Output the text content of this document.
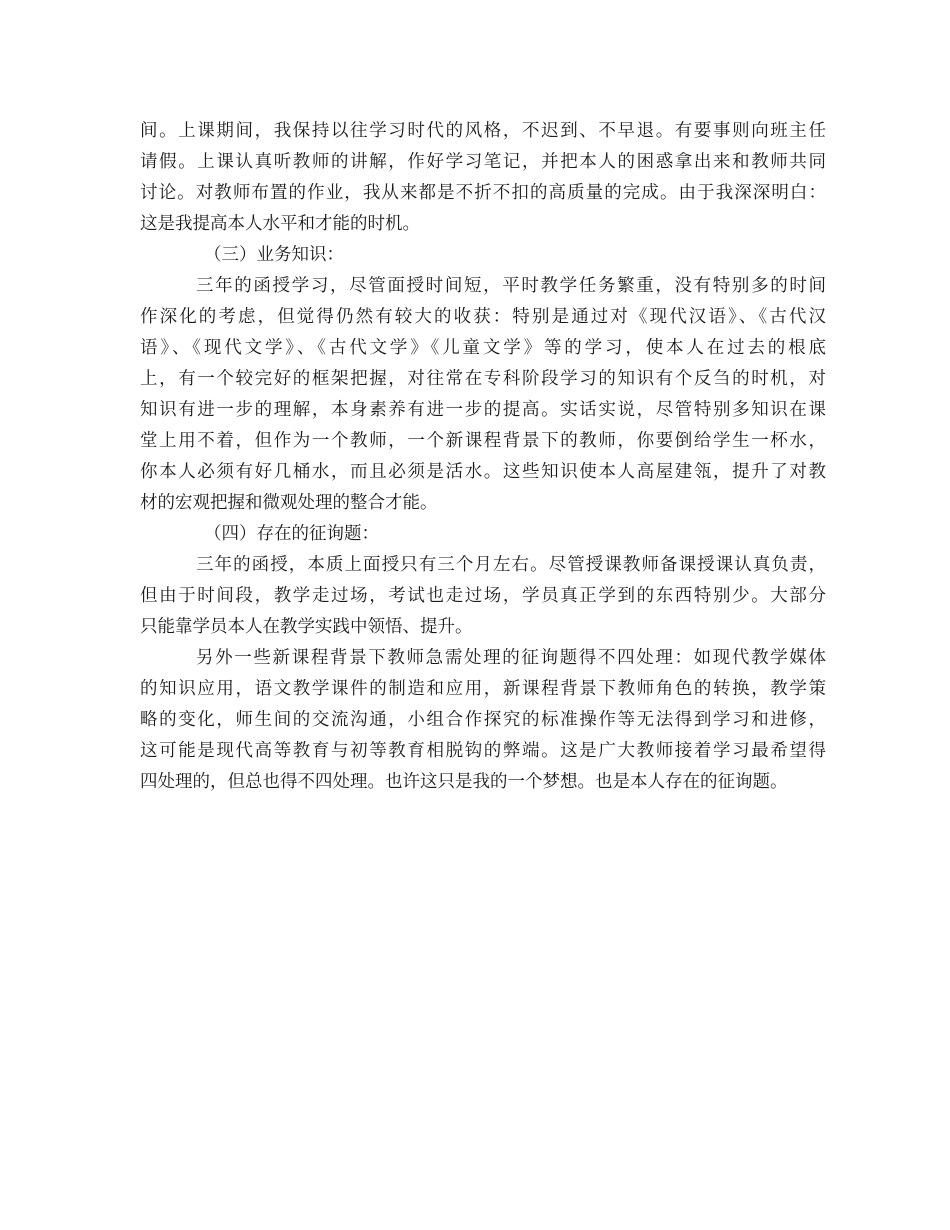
间。上课期间，我保持以往学习时代的风格，不迟到、不早退。有要事则向班主任
请假。上课认真听教师的讲解，作好学习笔记，并把本人的困惑拿出来和教师共同
讨论。对教师布置的作业，我从来都是不折不扣的高质量的完成。由于我深深明白：
这是我提高本人水平和才能的时机。
（三）业务知识：
三年的函授学习，尽管面授时间短，平时教学任务繁重，没有特别多的时间
作深化的考虑，但觉得仍然有较大的收获：特别是通过对《现代汉语》、《古代汉
语》、《现代文学》、《古代文学》《儿童文学》等的学习，使本人在过去的根底
上，有一个较完好的框架把握，对往常在专科阶段学习的知识有个反刍的时机，对
知识有进一步的理解，本身素养有进一步的提高。实话实说，尽管特别多知识在课
堂上用不着，但作为一个教师，一个新课程背景下的教师，你要倒给学生一杯水，
你本人必须有好几桶水，而且必须是活水。这些知识使本人高屋建瓴，提升了对教
材的宏观把握和微观处理的整合才能。
（四）存在的征询题：
三年的函授，本质上面授只有三个月左右。尽管授课教师备课授课认真负责，
但由于时间段，教学走过场，考试也走过场，学员真正学到的东西特别少。大部分
只能靠学员本人在教学实践中领悟、提升。
另外一些新课程背景下教师急需处理的征询题得不四处理：如现代教学媒体
的知识应用，语文教学课件的制造和应用，新课程背景下教师角色的转换，教学策
略的变化，师生间的交流沟通，小组合作探究的标准操作等无法得到学习和进修，
这可能是现代高等教育与初等教育相脱钩的弊端。这是广大教师接着学习最希望得
四处理的，但总也得不四处理。也许这只是我的一个梦想。也是本人存在的征询题。
